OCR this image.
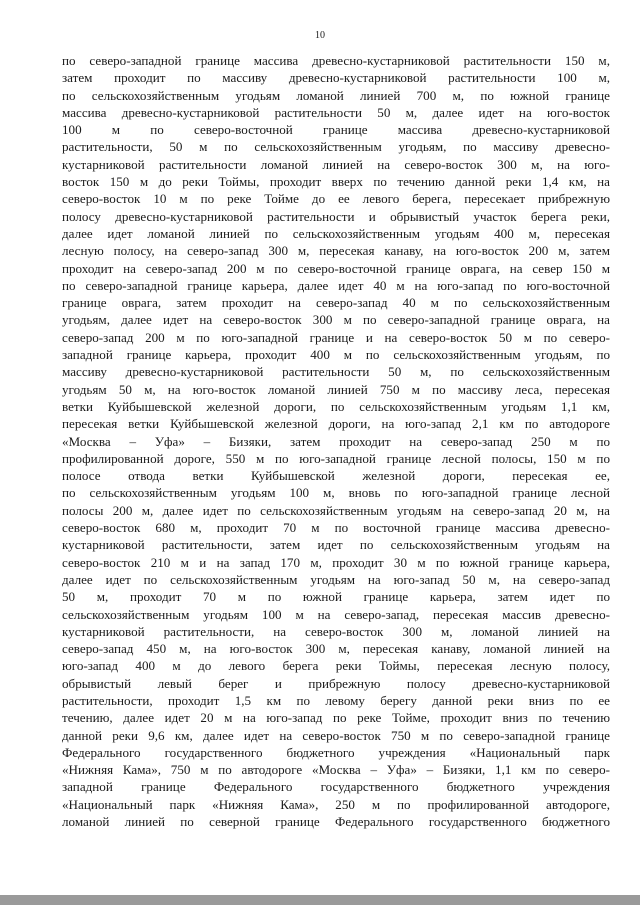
10
по северо-западной границе массива древесно-кустарниковой растительности 150 м,
затем проходит по массиву древесно-кустарниковой растительности 100 м,
по сельскохозяйственным угодьям ломаной линией 700 м, по южной границе
массива древесно-кустарниковой растительности 50 м, далее идет на юго-восток
100 м по северо-восточной границе массива древесно-кустарниковой
растительности, 50 м по сельскохозяйственным угодьям, по массиву древесно-
кустарниковой растительности ломаной линией на северо-восток 300 м, на юго-
восток 150 м до реки Тоймы, проходит вверх по течению данной реки 1,4 км, на
северо-восток 10 м по реке Тойме до ее левого берега, пересекает прибрежную
полосу древесно-кустарниковой растительности и обрывистый участок берега реки,
далее идет ломаной линией по сельскохозяйственным угодьям 400 м, пересекая
лесную полосу, на северо-запад 300 м, пересекая канаву, на юго-восток 200 м, затем
проходит на северо-запад 200 м по северо-восточной границе оврага, на север 150 м
по северо-западной границе карьера, далее идет 40 м на юго-запад по юго-восточной
границе оврага, затем проходит на северо-запад 40 м по сельскохозяйственным
угодьям, далее идет на северо-восток 300 м по северо-западной границе оврага, на
северо-запад 200 м по юго-западной границе и на северо-восток 50 м по северо-
западной границе карьера, проходит 400 м по сельскохозяйственным угодьям, по
массиву древесно-кустарниковой растительности 50 м, по сельскохозяйственным
угодьям 50 м, на юго-восток ломаной линией 750 м по массиву леса, пересекая
ветки Куйбышевской железной дороги, по сельскохозяйственным угодьям 1,1 км,
пересекая ветки Куйбышевской железной дороги, на юго-запад 2,1 км по автодороге
«Москва – Уфа» – Бизяки, затем проходит на северо-запад 250 м по
профилированной дороге, 550 м по юго-западной границе лесной полосы, 150 м по
полосе отвода ветки Куйбышевской железной дороги, пересекая ее,
по сельскохозяйственным угодьям 100 м, вновь по юго-западной границе лесной
полосы 200 м, далее идет по сельскохозяйственным угодьям на северо-запад 20 м, на
северо-восток 680 м, проходит 70 м по восточной границе массива древесно-
кустарниковой растительности, затем идет по сельскохозяйственным угодьям на
северо-восток 210 м и на запад 170 м, проходит 30 м по южной границе карьера,
далее идет по сельскохозяйственным угодьям на юго-запад 50 м, на северо-запад
50 м, проходит 70 м по южной границе карьера, затем идет по
сельскохозяйственным угодьям 100 м на северо-запад, пересекая массив древесно-
кустарниковой растительности, на северо-восток 300 м, ломаной линией на
северо-запад 450 м, на юго-восток 300 м, пересекая канаву, ломаной линией на
юго-запад 400 м до левого берега реки Тоймы, пересекая лесную полосу,
обрывистый левый берег и прибрежную полосу древесно-кустарниковой
растительности, проходит 1,5 км по левому берегу данной реки вниз по ее
течению, далее идет 20 м на юго-запад по реке Тойме, проходит вниз по течению
данной реки 9,6 км, далее идет на северо-восток 750 м по северо-западной границе
Федерального государственного бюджетного учреждения «Национальный парк
«Нижняя Кама», 750 м по автодороге «Москва – Уфа» – Бизяки, 1,1 км по северо-
западной границе Федерального государственного бюджетного учреждения
«Национальный парк «Нижняя Кама», 250 м по профилированной автодороге,
ломаной линией по северной границе Федерального государственного бюджетного
